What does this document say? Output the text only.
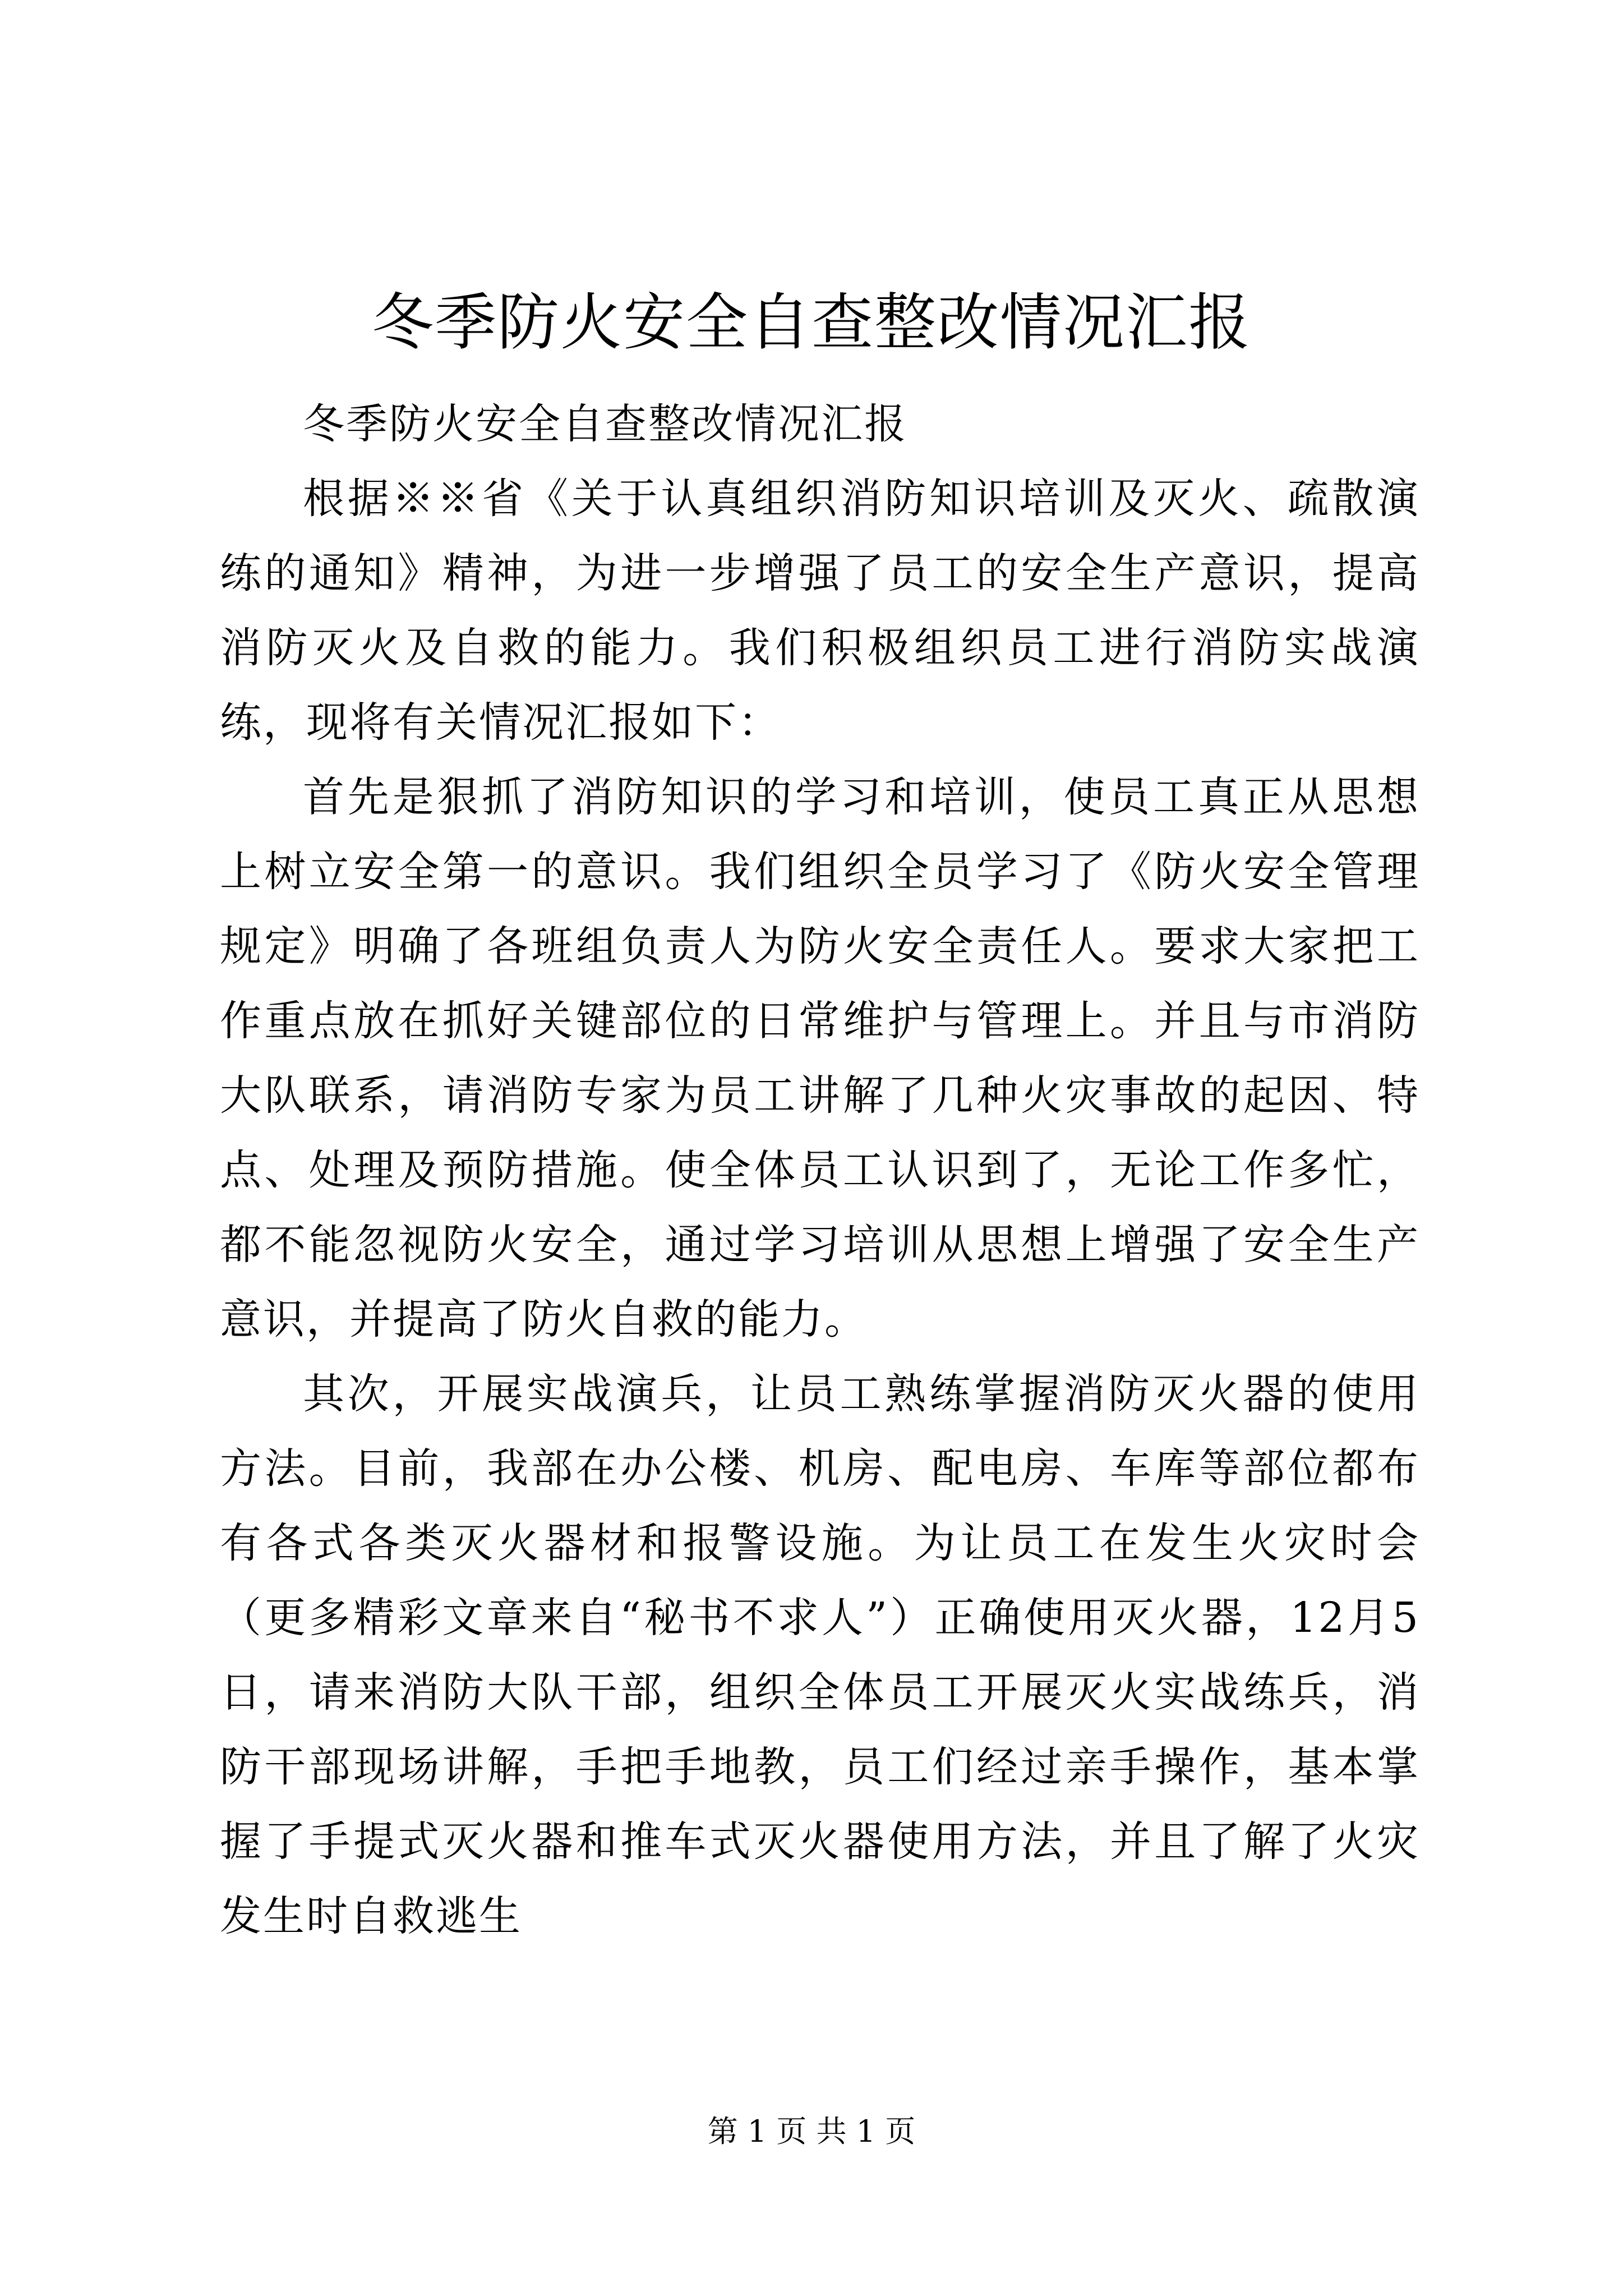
冬季防火安全自查整改情况汇报

冬季防火安全自查整改情况汇报

根据※※省《关于认真组织消防知识培训及灭火、疏散演练的通知》精神，为进一步增强了员工的安全生产意识，提高消防灭火及自救的能力。我们积极组织员工进行消防实战演练，现将有关情况汇报如下：

首先是狠抓了消防知识的学习和培训，使员工真正从思想上树立安全第一的意识。我们组织全员学习了《防火安全管理规定》明确了各班组负责人为防火安全责任人。要求大家把工作重点放在抓好关键部位的日常维护与管理上。并且与市消防大队联系，请消防专家为员工讲解了几种火灾事故的起因、特点、处理及预防措施。使全体员工认识到了，无论工作多忙，都不能忽视防火安全，通过学习培训从思想上增强了安全生产意识，并提高了防火自救的能力。

其次，开展实战演兵，让员工熟练掌握消防灭火器的使用方法。目前，我部在办公楼、机房、配电房、车库等部位都布有各式各类灭火器材和报警设施。为让员工在发生火灾时会（更多精彩文章来自“秘书不求人”）正确使用灭火器，12月5日，请来消防大队干部，组织全体员工开展灭火实战练兵，消防干部现场讲解，手把手地教，员工们经过亲手操作，基本掌握了手提式灭火器和推车式灭火器使用方法，并且了解了火灾发生时自救逃生

第 1 页 共 1 页
